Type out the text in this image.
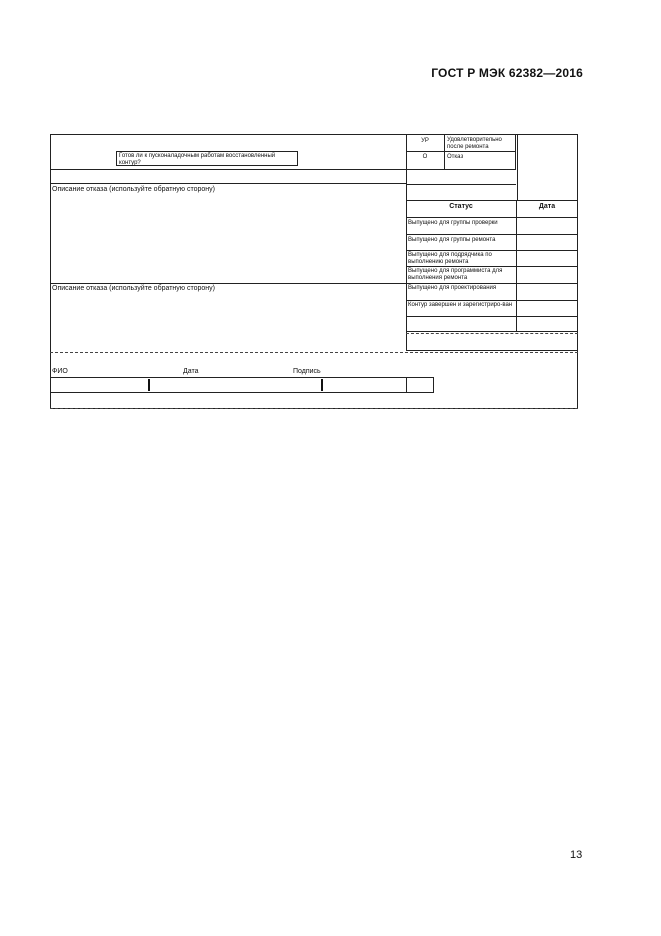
ГОСТ Р МЭК 62382—2016
Готов ли к пусконаладочным работам восстановленный контур?
УР	Удовлетворительно после ремонта
О	Отказ
Описание отказа (используйте обратную сторону)
Статус	Дата
Выпущено для группы проверки
Выпущено для группы ремонта
Выпущено для подрядчика по выполнению ремонта
Выпущено для программиста для выполнения ремонта
Выпущено для проектирования
Контур завершен и зарегистриро-ван
Описание отказа (используйте обратную сторону)
ФИО	Дата	Подпись
13
